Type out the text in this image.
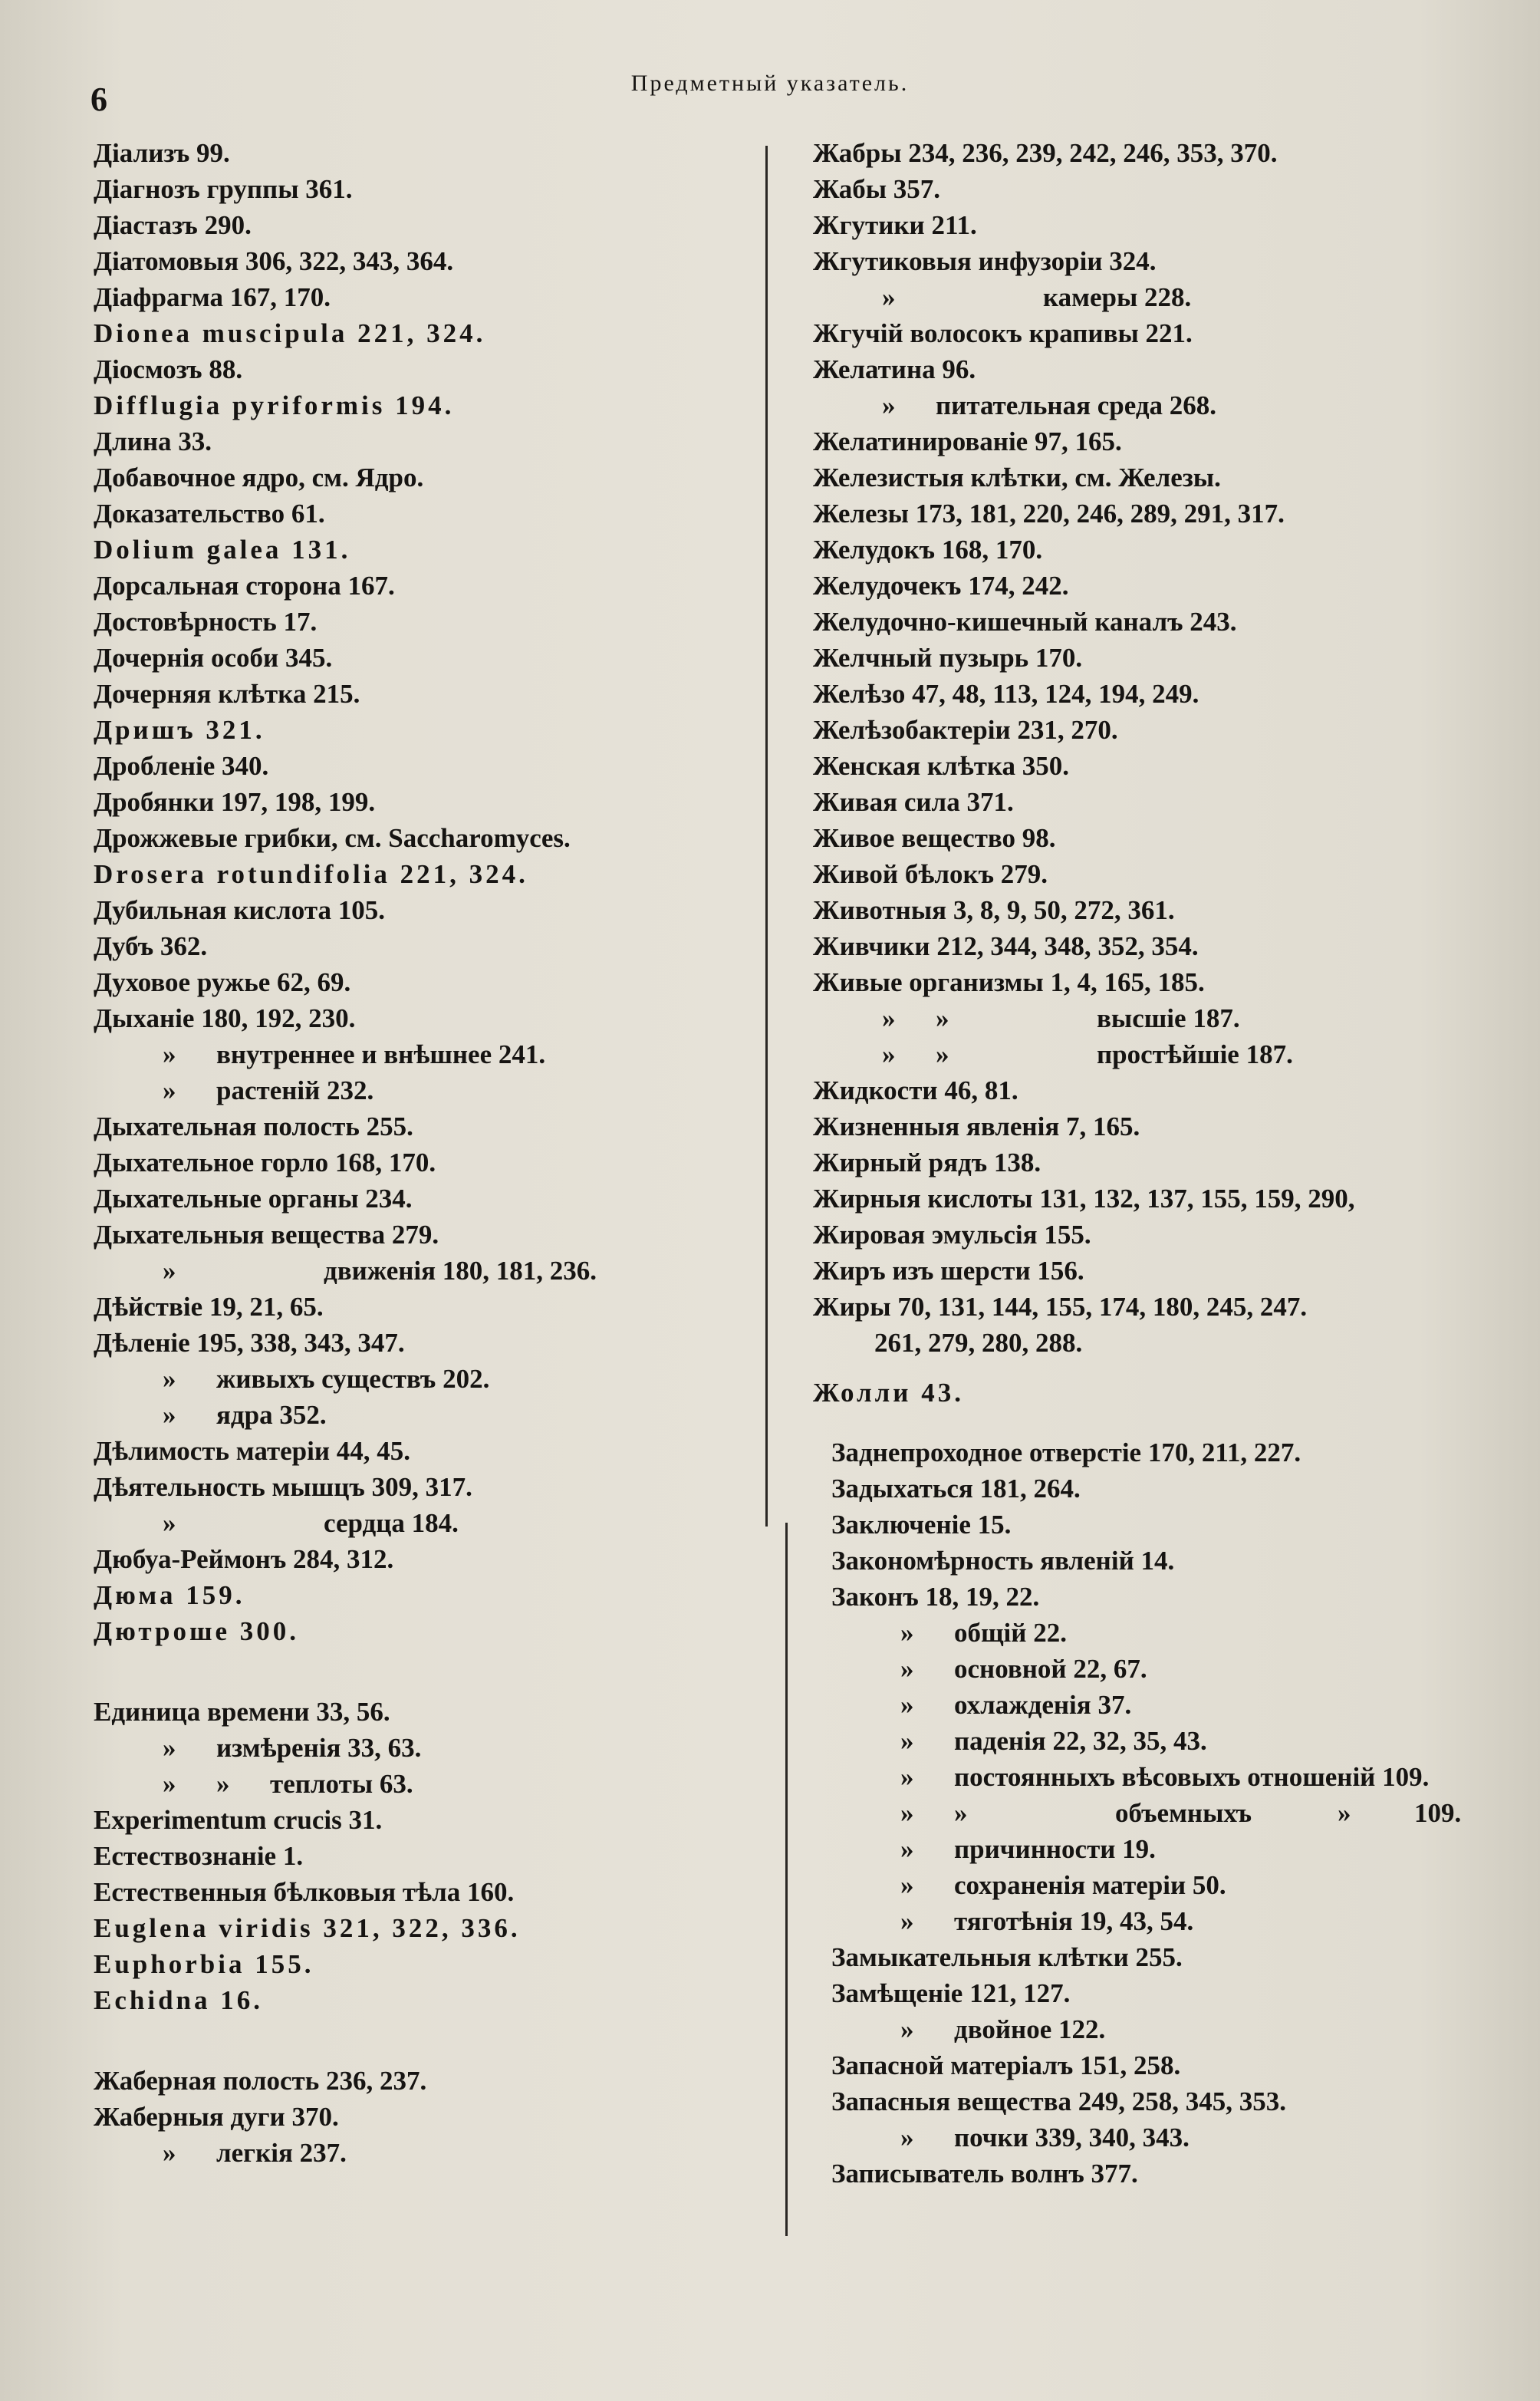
6	Предметный указатель.
Діализъ 99.
Діагнозъ группы 361.
Діастазъ 290.
Діатомовыя 306, 322, 343, 364.
Діафрагма 167, 170.
Dionea muscipula 221, 324.
Діосмозъ 88.
Difflugia pyriformis 194.
Длина 33.
Добавочное ядро, см. Ядро.
Доказательство 61.
Dolium galea 131.
Дорсальная сторона 167.
Достовѣрность 17.
Дочернія особи 345.
Дочерняя клѣтка 215.
Дришъ 321.
Дробленіе 340.
Дробянки 197, 198, 199.
Дрожжевые грибки, см. Saccharomyces.
Drosera rotundifolia 221, 324.
Дубильная кислота 105.
Дубъ 362.
Духовое ружье 62, 69.
Дыханіе 180, 192, 230.
» внутреннее и внѣшнее 241.
» растеній 232.
Дыхательная полость 255.
Дыхательное горло 168, 170.
Дыхательные органы 234.
Дыхательныя вещества 279.
»	движенія 180, 181, 236.
Дѣйствіе 19, 21, 65.
Дѣленіе 195, 338, 343, 347.
» живыхъ существъ 202.
» ядра 352.
Дѣлимость матеріи 44, 45.
Дѣятельность мышцъ 309, 317.
»	сердца 184.
Дюбуа-Реймонъ 284, 312.
Дюма 159.
Дютроше 300.
Единица времени 33, 56.
» измѣренія 33, 63.
» » теплоты 63.
Experimentum crucis 31.
Естествознаніе 1.
Естественныя бѣлковыя тѣла 160.
Euglena viridis 321, 322, 336.
Euphorbia 155.
Echidna 16.
Жаберная полость 236, 237.
Жаберныя дуги 370.
» легкія 237.
Жабры 234, 236, 239, 242, 246, 353, 370.
Жабы 357.
Жгутики 211.
Жгутиковыя инфузоріи 324.
»	камеры 228.
Жгучій волосокъ крапивы 221.
Желатина 96.
» питательная среда 268.
Желатинированіе 97, 165.
Железистыя клѣтки, см. Железы.
Железы 173, 181, 220, 246, 289, 291, 317.
Желудокъ 168, 170.
Желудочекъ 174, 242.
Желудочно-кишечный каналъ 243.
Желчный пузырь 170.
Желѣзо 47, 48, 113, 124, 194, 249.
Желѣзобактеріи 231, 270.
Женская клѣтка 350.
Живая сила 371.
Живое вещество 98.
Живой бѣлокъ 279.
Животныя 3, 8, 9, 50, 272, 361.
Живчики 212, 344, 348, 352, 354.
Живые организмы 1, 4, 165, 185.
» »	высшіе 187.
» »	простѣйшіе 187.
Жидкости 46, 81.
Жизненныя явленія 7, 165.
Жирный рядъ 138.
Жирныя кислоты 131, 132, 137, 155, 159, 290,
Жировая эмульсія 155.
Жиръ изъ шерсти 156.
Жиры 70, 131, 144, 155, 174, 180, 245, 247.
261, 279, 280, 288.
Жолли 43.
Заднепроходное отверстіе 170, 211, 227.
Задыхаться 181, 264.
Заключеніе 15.
Закономѣрность явленій 14.
Законъ 18, 19, 22.
» общій 22.
» основной 22, 67.
» охлажденія 37.
» паденія 22, 32, 35, 43.
» постоянныхъ вѣсовыхъ отношеній 109.
» »	объемныхъ	» 109.
» причинности 19.
» сохраненія матеріи 50.
» тяготѣнія 19, 43, 54.
Замыкательныя клѣтки 255.
Замѣщеніе 121, 127.
» двойное 122.
Запасной матеріалъ 151, 258.
Запасныя вещества 249, 258, 345, 353.
» почки 339, 340, 343.
Записыватель волнъ 377.
